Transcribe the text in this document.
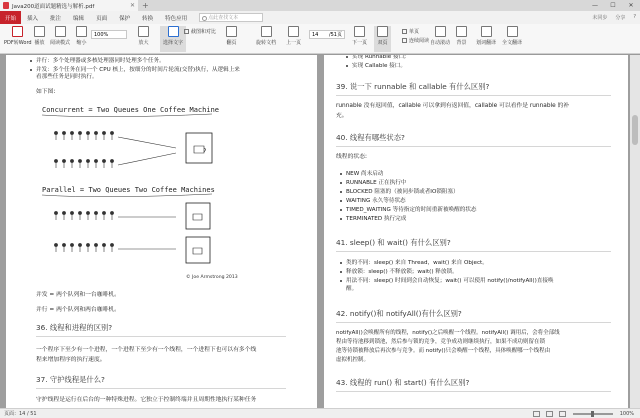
Java200道面试题精选与解析.pdf	✕ +	—	☐	✕
开始	插入	批注	编辑	页面	保护	转换	特色应用	点此查找文本	未同步	分享	?
PDF转Word 播放 阅读模式 缩小
100%
放大	选择文字
截图和对比
翻页	旋转文档 上一页
14 /51页
下一页 双页
单页
连续阅读 自动滚动 背景 划词翻译 全文翻译
并行：多个处理器或多核处理器同时处理多个任务。
并发：多个任务在同一个 CPU 核上，按细分的时间片轮流(交替)执行，从逻辑上来
看那些任务是同时执行。
如下图:
Concurrent = Two Queues One Coffee Machine
Parallel = Two Queues Two Coffee Machines
© Joe Armstrong 2013
并发 = 两个队列和一台咖啡机。
并行 = 两个队列和两台咖啡机。
36. 线程和进程的区别?
一个程序下至少有一个进程，一个进程下至少有一个线程，一个进程下也可以有多个线
程来增加程序的执行速度。
37. 守护线程是什么?
守护线程是运行在后台的一种特殊进程。它独立于控制终端并且周期性地执行某种任务
实现 Runnable 接口;
实现 Callable 接口。
39. 说一下 runnable 和 callable 有什么区别?
runnable 没有返回值，callable 可以拿到有返回值，callable 可以看作是 runnable 的补
充。
40. 线程有哪些状态?
线程的状态:
NEW 尚未启动
RUNNABLE 正在执行中
BLOCKED 阻塞的（被同步锁或者IO锁阻塞）
WAITING 永久等待状态
TIMED_WAITING 等待指定的时间重新被唤醒的状态
TERMINATED 执行完成
41. sleep() 和 wait() 有什么区别?
类的不同：sleep() 来自 Thread，wait() 来自 Object。
释放锁：sleep() 不释放锁；wait() 释放锁。
用法不同：sleep() 时间到会自动恢复；wait() 可以使用 notify()/notifyAll()直接唤
醒。
42. notify()和 notifyAll()有什么区别?
notifyAll()会唤醒所有的线程，notify()之后唤醒一个线程。notifyAll() 调用后，会将全部线
程由等待池移到锁池，然后参与锁的竞争，竞争成功则继续执行，如果不成功则留在锁
池等待锁被释放后再次参与竞争。而 notify()只会唤醒一个线程，具体唤醒哪一个线程由
虚拟机控制。
43. 线程的 run() 和 start() 有什么区别?
页面：14 / 51	100%
